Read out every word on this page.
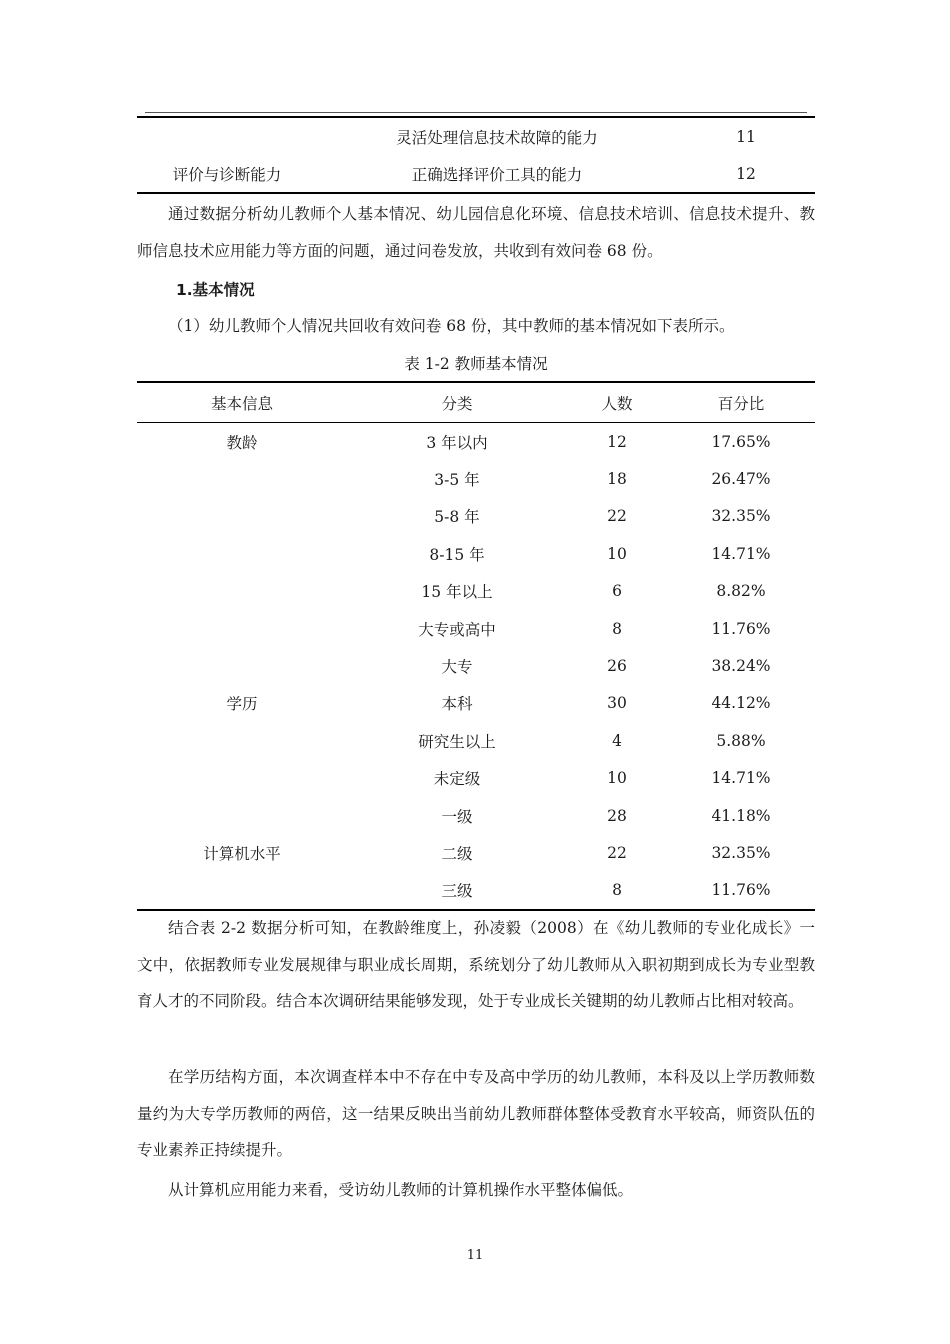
	灵活处理信息技术故障的能力	11
评价与诊断能力	正确选择评价工具的能力	12

通过数据分析幼儿教师个人基本情况、幼儿园信息化环境、信息技术培训、信息技术提升、教师信息技术应用能力等方面的问题，通过问卷发放，共收到有效问卷 68 份。

1.基本情况

（1）幼儿教师个人情况共回收有效问卷 68 份，其中教师的基本情况如下表所示。

表 1-2 教师基本情况

基本信息	分类	人数	百分比
教龄	3 年以内	12	17.65%
	3-5 年	18	26.47%
	5-8 年	22	32.35%
	8-15 年	10	14.71%
	15 年以上	6	8.82%
	大专或高中	8	11.76%
	大专	26	38.24%
学历	本科	30	44.12%
	研究生以上	4	5.88%
	未定级	10	14.71%
	一级	28	41.18%
计算机水平	二级	22	32.35%
	三级	8	11.76%

结合表 2-2 数据分析可知，在教龄维度上，孙凌毅（2008）在《幼儿教师的专业化成长》一文中，依据教师专业发展规律与职业成长周期，系统划分了幼儿教师从入职初期到成长为专业型教育人才的不同阶段。结合本次调研结果能够发现，处于专业成长关键期的幼儿教师占比相对较高。

在学历结构方面，本次调查样本中不存在中专及高中学历的幼儿教师，本科及以上学历教师数量约为大专学历教师的两倍，这一结果反映出当前幼儿教师群体整体受教育水平较高，师资队伍的专业素养正持续提升。

从计算机应用能力来看，受访幼儿教师的计算机操作水平整体偏低。

11
